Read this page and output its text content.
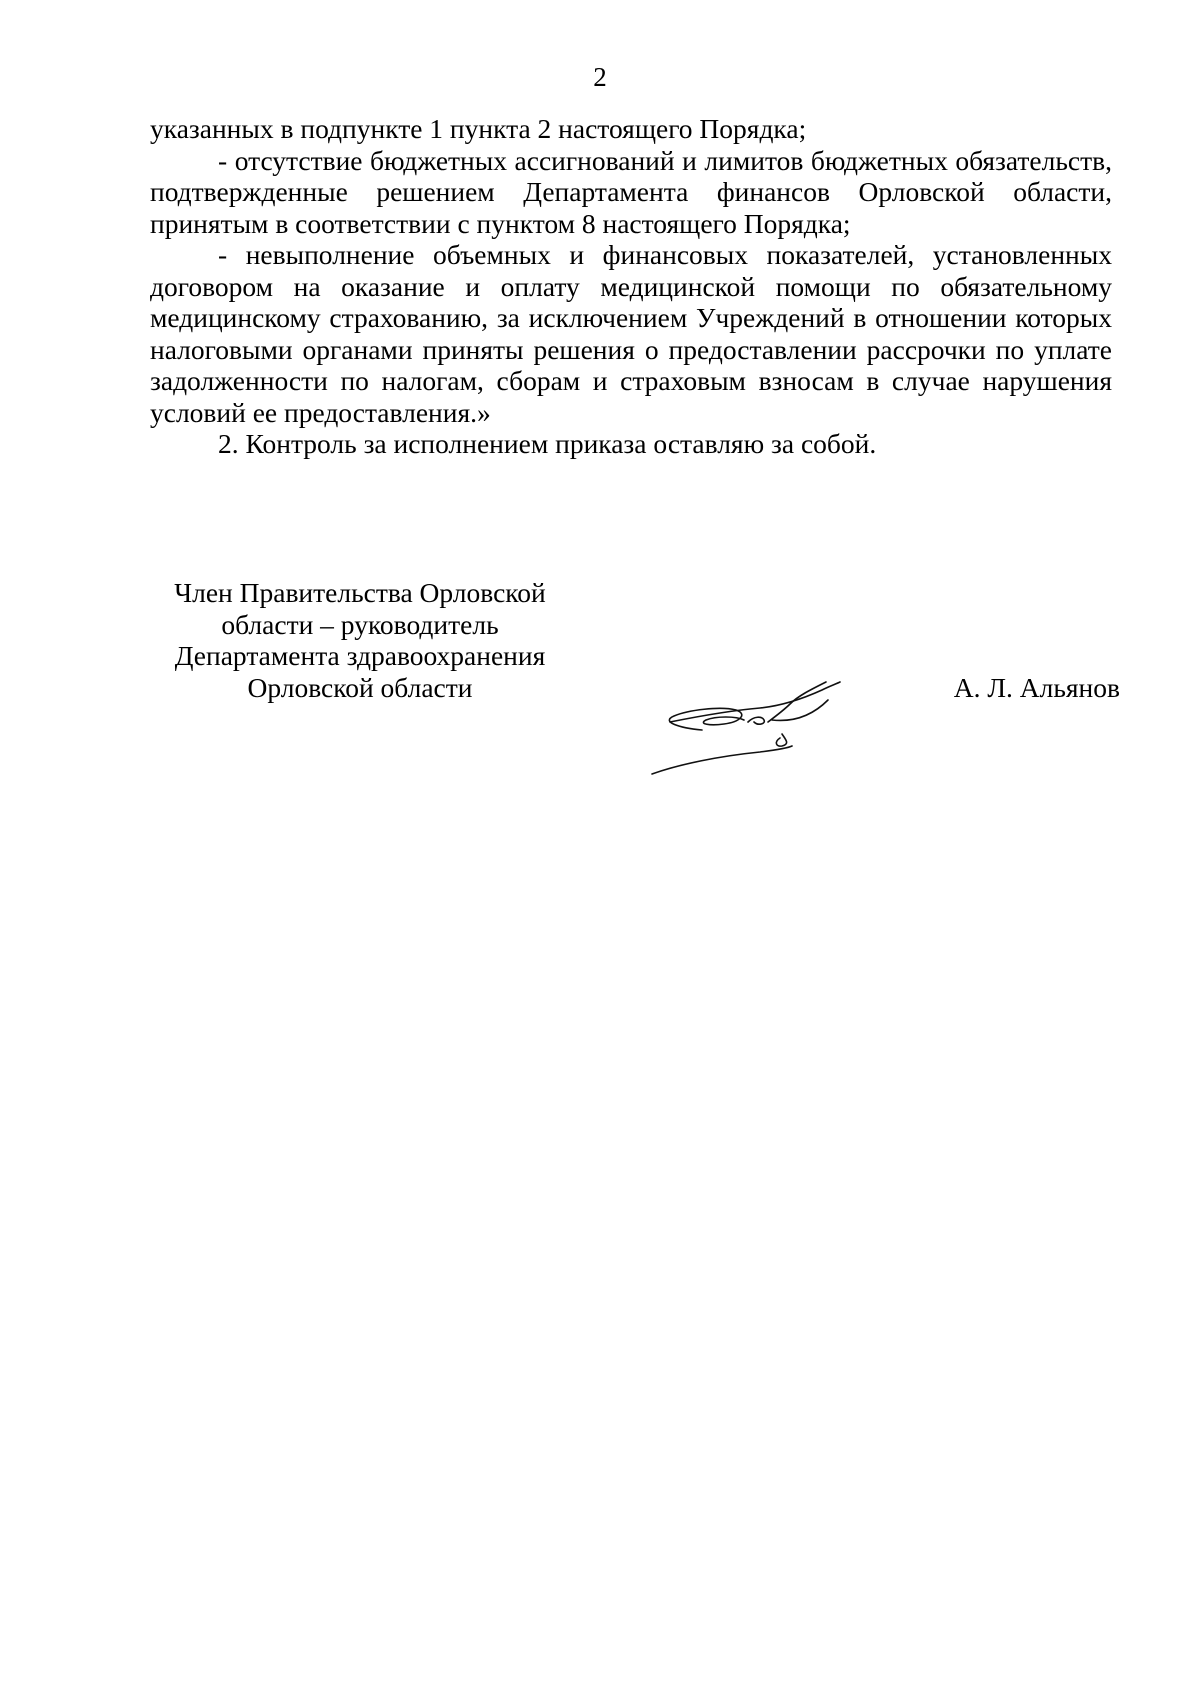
2

указанных в подпункте 1 пункта 2 настоящего Порядка;

- отсутствие бюджетных ассигнований и лимитов бюджетных обязательств, подтвержденные решением Департамента финансов Орловской области, принятым в соответствии с пунктом 8 настоящего Порядка;

- невыполнение объемных и финансовых показателей, установленных договором на оказание и оплату медицинской помощи по обязательному медицинскому страхованию, за исключением Учреждений в отношении которых налоговыми органами приняты решения о предоставлении рассрочки по уплате задолженности по налогам, сборам и страховым взносам в случае нарушения условий ее предоставления.»

2. Контроль за исполнением приказа оставляю за собой.

Член Правительства Орловской
области – руководитель
Департамента здравоохранения
Орловской области	А. Л. Альянов
